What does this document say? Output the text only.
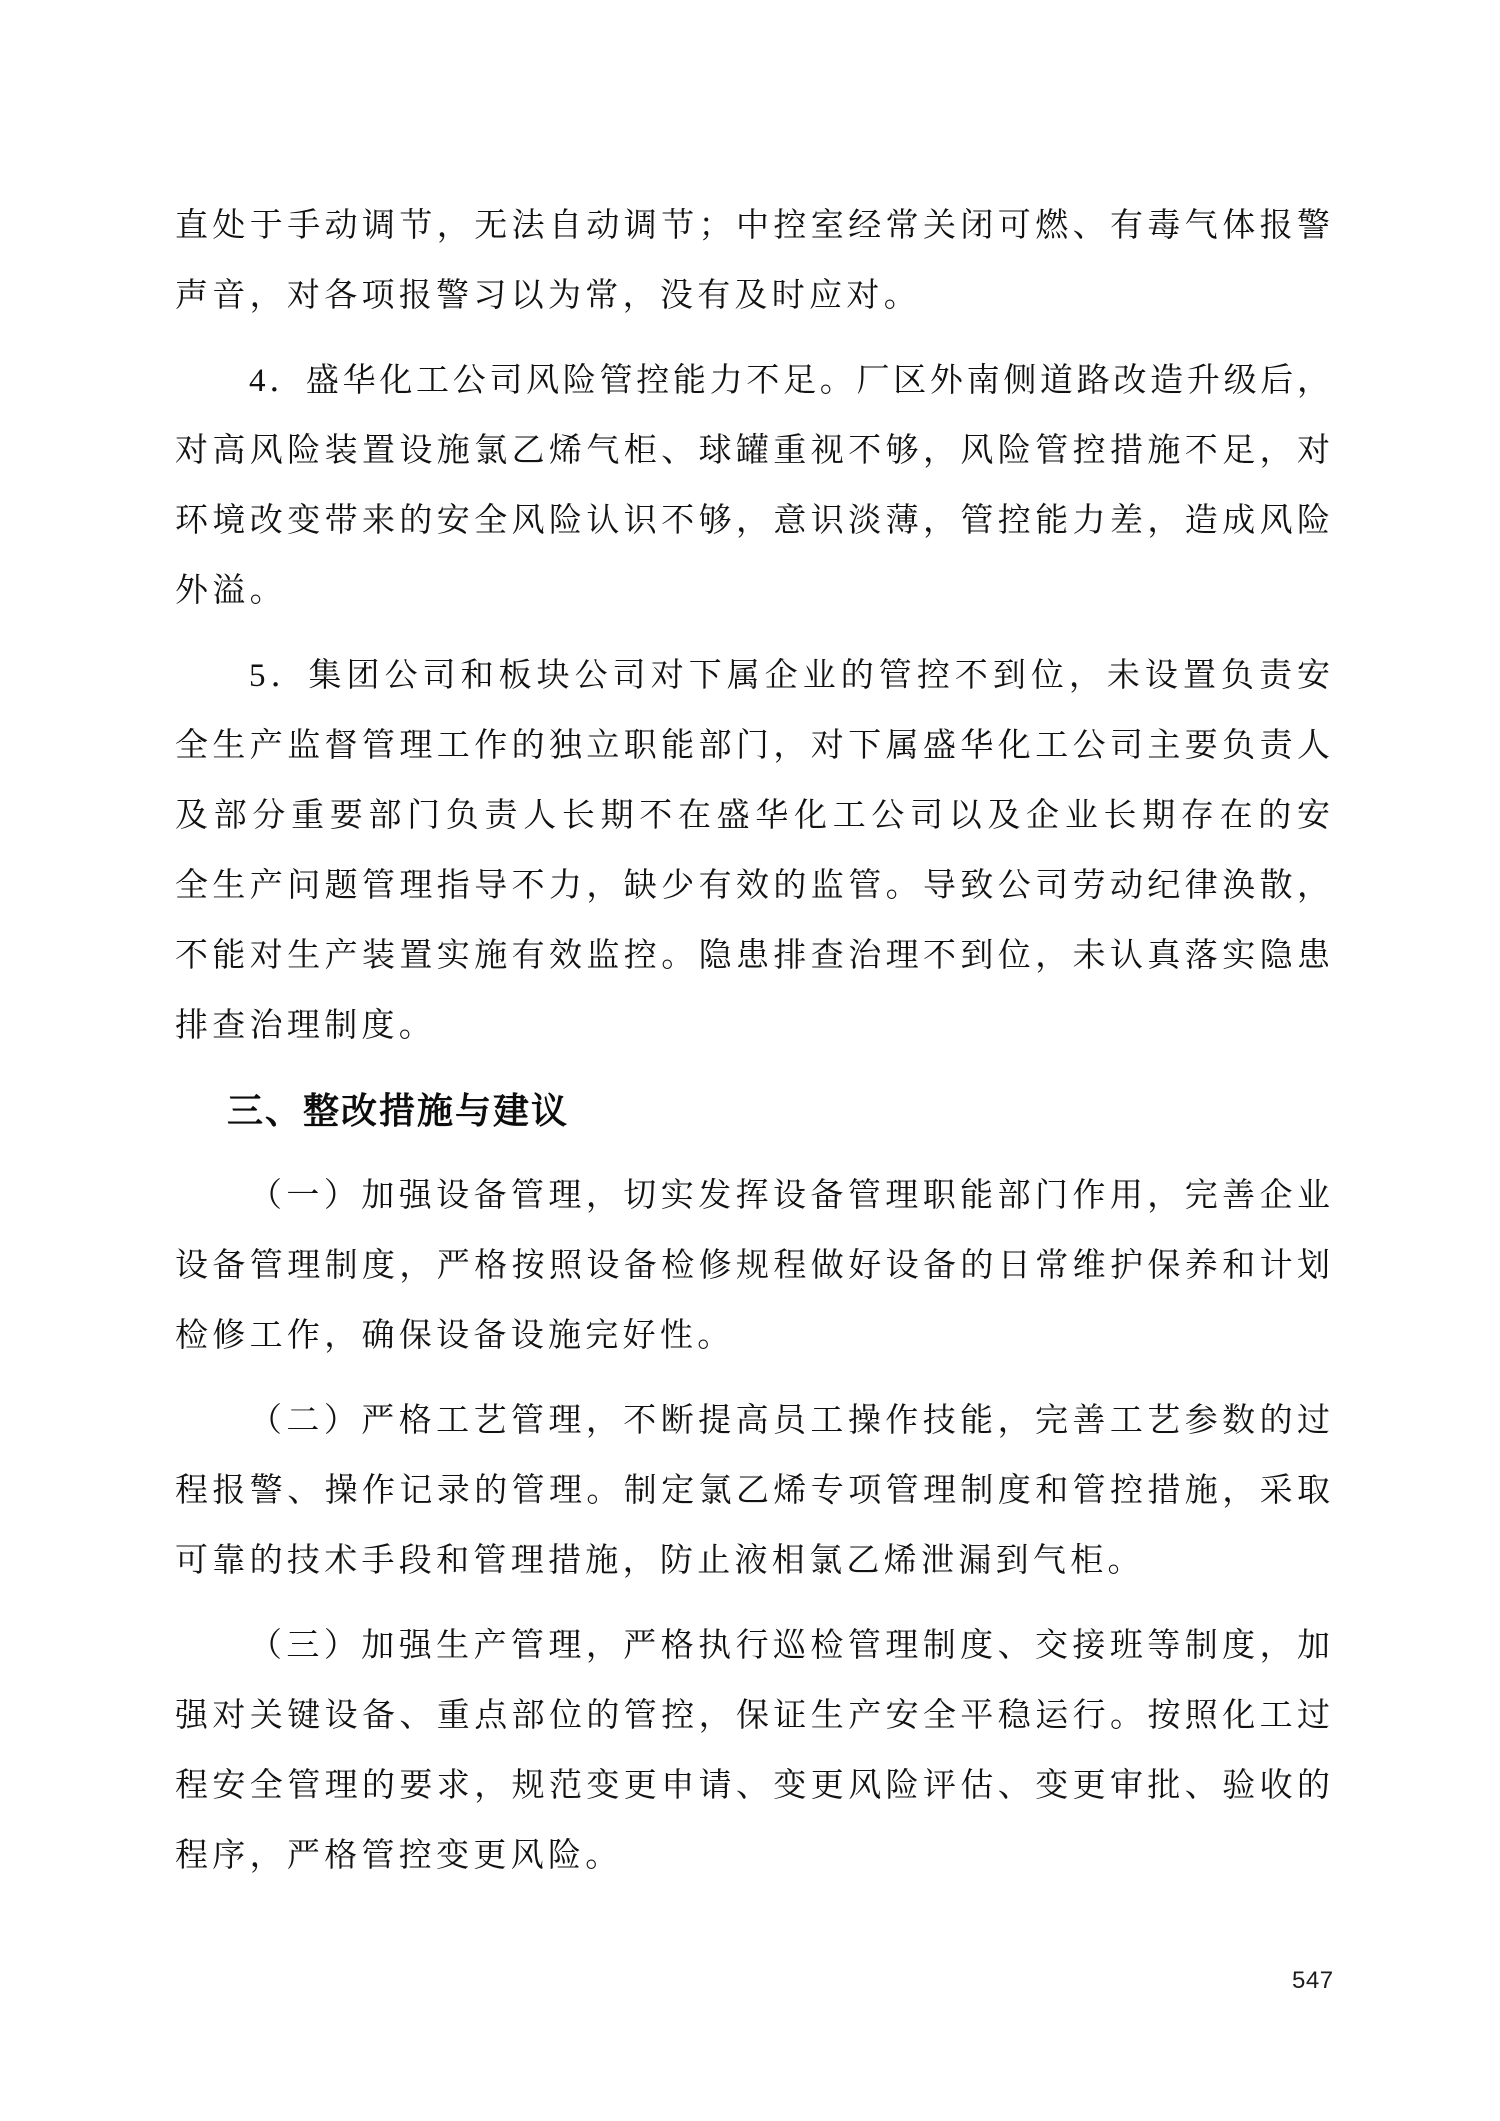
直处于手动调节，无法自动调节；中控室经常关闭可燃、有毒气体报警
声音，对各项报警习以为常，没有及时应对。

4．盛华化工公司风险管控能力不足。厂区外南侧道路改造升级后，
对高风险装置设施氯乙烯气柜、球罐重视不够，风险管控措施不足，对
环境改变带来的安全风险认识不够，意识淡薄，管控能力差，造成风险
外溢。

5．集团公司和板块公司对下属企业的管控不到位，未设置负责安
全生产监督管理工作的独立职能部门，对下属盛华化工公司主要负责人
及部分重要部门负责人长期不在盛华化工公司以及企业长期存在的安
全生产问题管理指导不力，缺少有效的监管。导致公司劳动纪律涣散，
不能对生产装置实施有效监控。隐患排查治理不到位，未认真落实隐患
排查治理制度。

三、整改措施与建议

（一）加强设备管理，切实发挥设备管理职能部门作用，完善企业
设备管理制度，严格按照设备检修规程做好设备的日常维护保养和计划
检修工作，确保设备设施完好性。

（二）严格工艺管理，不断提高员工操作技能，完善工艺参数的过
程报警、操作记录的管理。制定氯乙烯专项管理制度和管控措施，采取
可靠的技术手段和管理措施，防止液相氯乙烯泄漏到气柜。

（三）加强生产管理，严格执行巡检管理制度、交接班等制度，加
强对关键设备、重点部位的管控，保证生产安全平稳运行。按照化工过
程安全管理的要求，规范变更申请、变更风险评估、变更审批、验收的
程序，严格管控变更风险。

547
